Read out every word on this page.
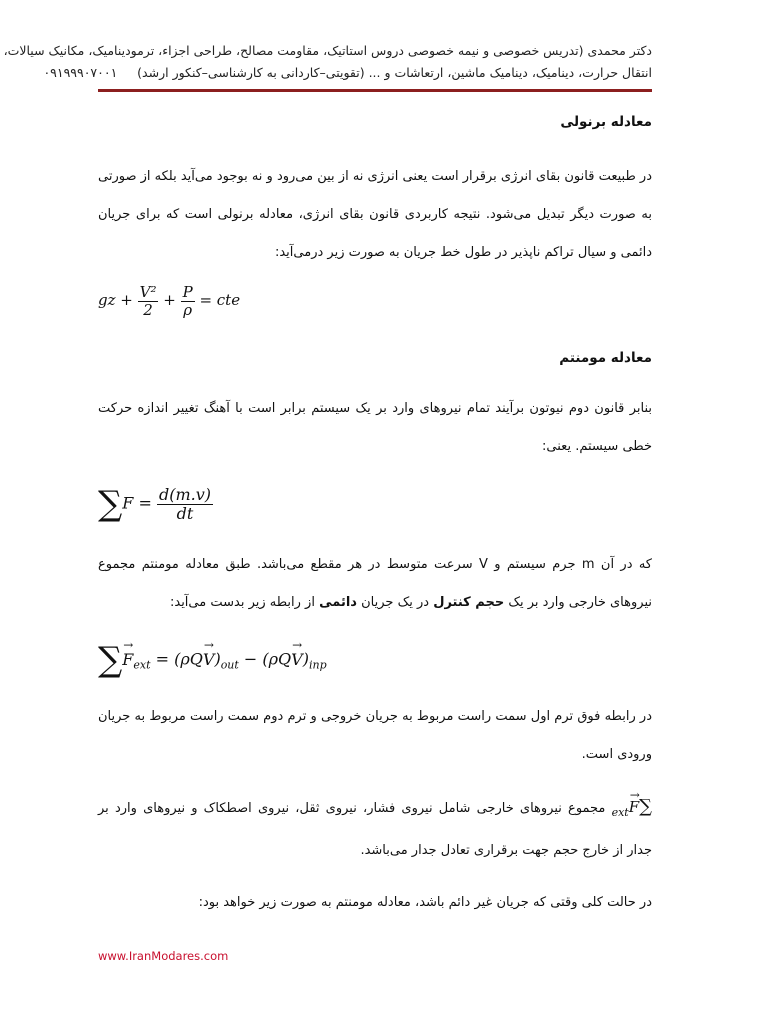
دکتر محمدی (تدریس خصوصی و نیمه خصوصی دروس استاتیک، مقاومت مصالح، طراحی اجزاء، ترمودینامیک، مکانیک سیالات،
انتقال حرارت، دینامیک، دینامیک ماشین، ارتعاشات و ... (تقویتی–کاردانی به کارشناسی–کنکور ارشد)     ۰۹۱۹۹۹۰۷۰۰۱

معادله برنولی

در طبیعت قانون بقای انرژی برقرار است یعنی انرژی نه از بین می‌رود و نه بوجود می‌آید بلکه از صورتی به صورت دیگر تبدیل می‌شود. نتیجه کاربردی قانون بقای انرژی، معادله برنولی است که برای جریان دائمی و سیال تراکم ناپذیر در طول خط جریان به صورت زیر درمی‌آید:

gz + $\frac{\text{V²}}{2} + \frac{P}{\rho}$ = cte

معادله مومنتم

بنابر قانون دوم نیوتون برآیند تمام نیروهای وارد بر یک سیستم برابر است با آهنگ تغییر اندازه حرکت خطی سیستم. یعنی:

$\sum F = \frac{d(m.v)}{dt}$

که در آن m جرم سیستم و V سرعت متوسط در هر مقطع می‌باشد. طبق معادله مومنتم مجموع نیروهای خارجی وارد بر یک حجم کنترل در یک جریان دائمی از رابطه زیر بدست می‌آید:

∑→ $F_{ext} = (\rho Q\to V)_{out} - (\rho Q\to V)_{inp}$

در رابطه فوق ترم اول سمت راست مربوط به جریان خروجی و ترم دوم سمت راست مربوط به جریان ورودی است.

∑→ $F_{ext}$ مجموع نیروهای خارجی شامل نیروی فشار، نیروی ثقل، نیروی اصطکاک و نیروهای وارد بر جدار از خارج حجم جهت برقراری تعادل جدار می‌باشد.

در حالت کلی وقتی که جریان غیر دائم باشد، معادله مومنتم به صورت زیر خواهد بود:

www.IranModares.com
